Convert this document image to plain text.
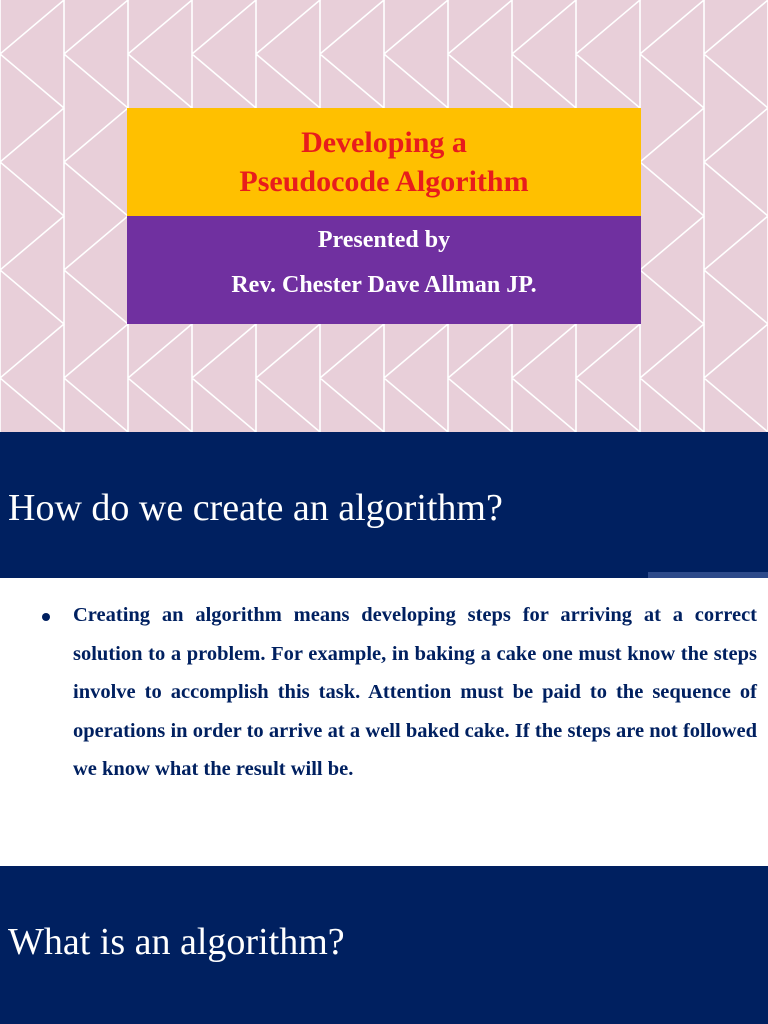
Developing a
Pseudocode Algorithm
Presented by
Rev. Chester Dave Allman JP.
How do we create an algorithm?
Creating an algorithm means developing steps for arriving at a correct solution to a problem. For example, in baking a cake one must know the steps involve to accomplish this task. Attention must be paid to the sequence of operations in order to arrive at a well baked cake. If the steps are not followed we know what the result will be.
What is an algorithm?
